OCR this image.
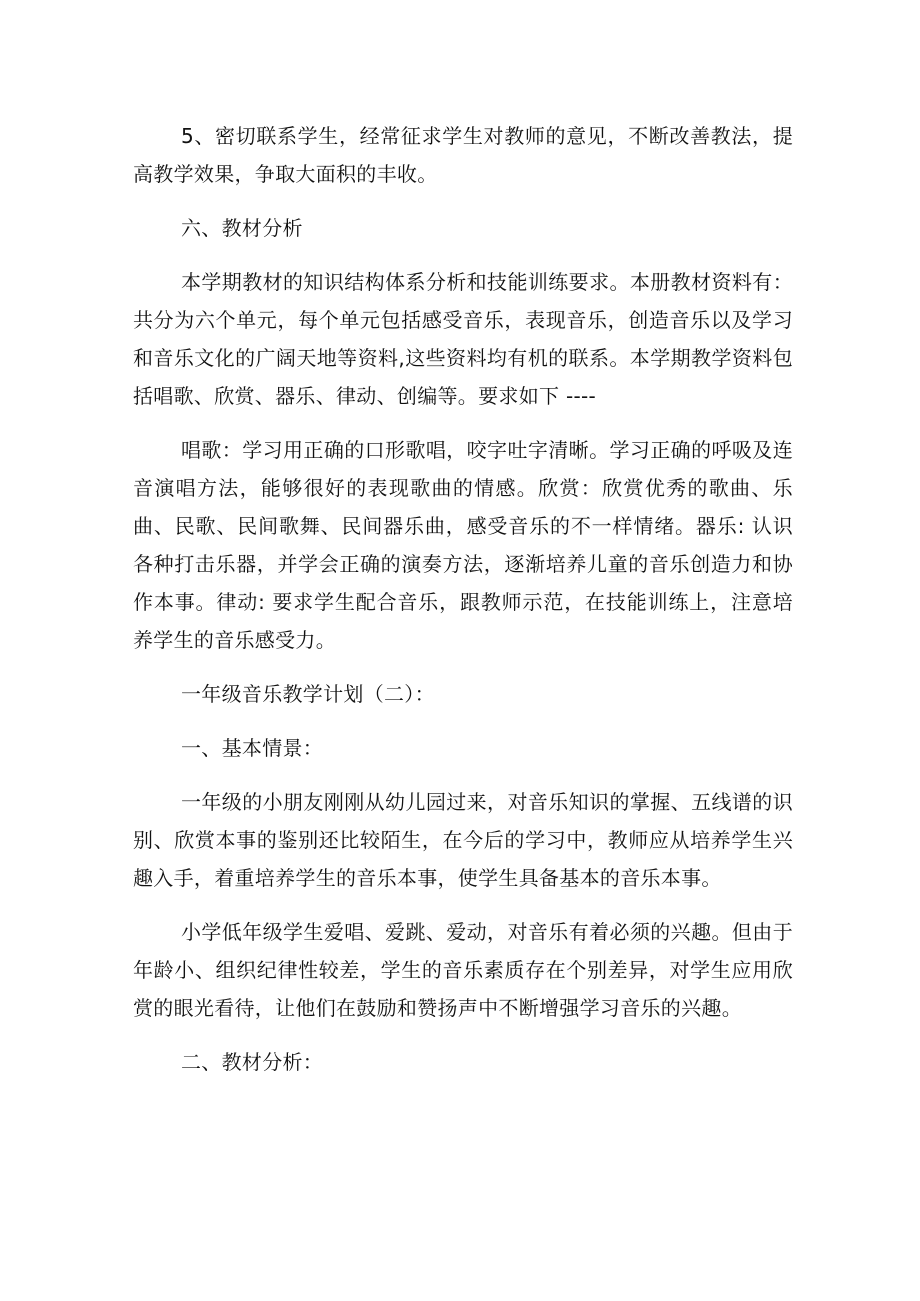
5、密切联系学生，经常征求学生对教师的意见，不断改善教法，提高教学效果，争取大面积的丰收。

六、教材分析

本学期教材的知识结构体系分析和技能训练要求。本册教材资料有：共分为六个单元，每个单元包括感受音乐，表现音乐，创造音乐以及学习和音乐文化的广阔天地等资料,这些资料均有机的联系。本学期教学资料包括唱歌、欣赏、器乐、律动、创编等。要求如下 ----

唱歌：学习用正确的口形歌唱，咬字吐字清晰。学习正确的呼吸及连音演唱方法，能够很好的表现歌曲的情感。欣赏：欣赏优秀的歌曲、乐曲、民歌、民间歌舞、民间器乐曲，感受音乐的不一样情绪。器乐: 认识各种打击乐器，并学会正确的演奏方法，逐渐培养儿童的音乐创造力和协作本事。律动: 要求学生配合音乐，跟教师示范，在技能训练上，注意培养学生的音乐感受力。

一年级音乐教学计划（二）：

一、基本情景：

一年级的小朋友刚刚从幼儿园过来，对音乐知识的掌握、五线谱的识别、欣赏本事的鉴别还比较陌生，在今后的学习中，教师应从培养学生兴趣入手，着重培养学生的音乐本事，使学生具备基本的音乐本事。

小学低年级学生爱唱、爱跳、爱动，对音乐有着必须的兴趣。但由于年龄小、组织纪律性较差，学生的音乐素质存在个别差异，对学生应用欣赏的眼光看待，让他们在鼓励和赞扬声中不断增强学习音乐的兴趣。

二、教材分析：
